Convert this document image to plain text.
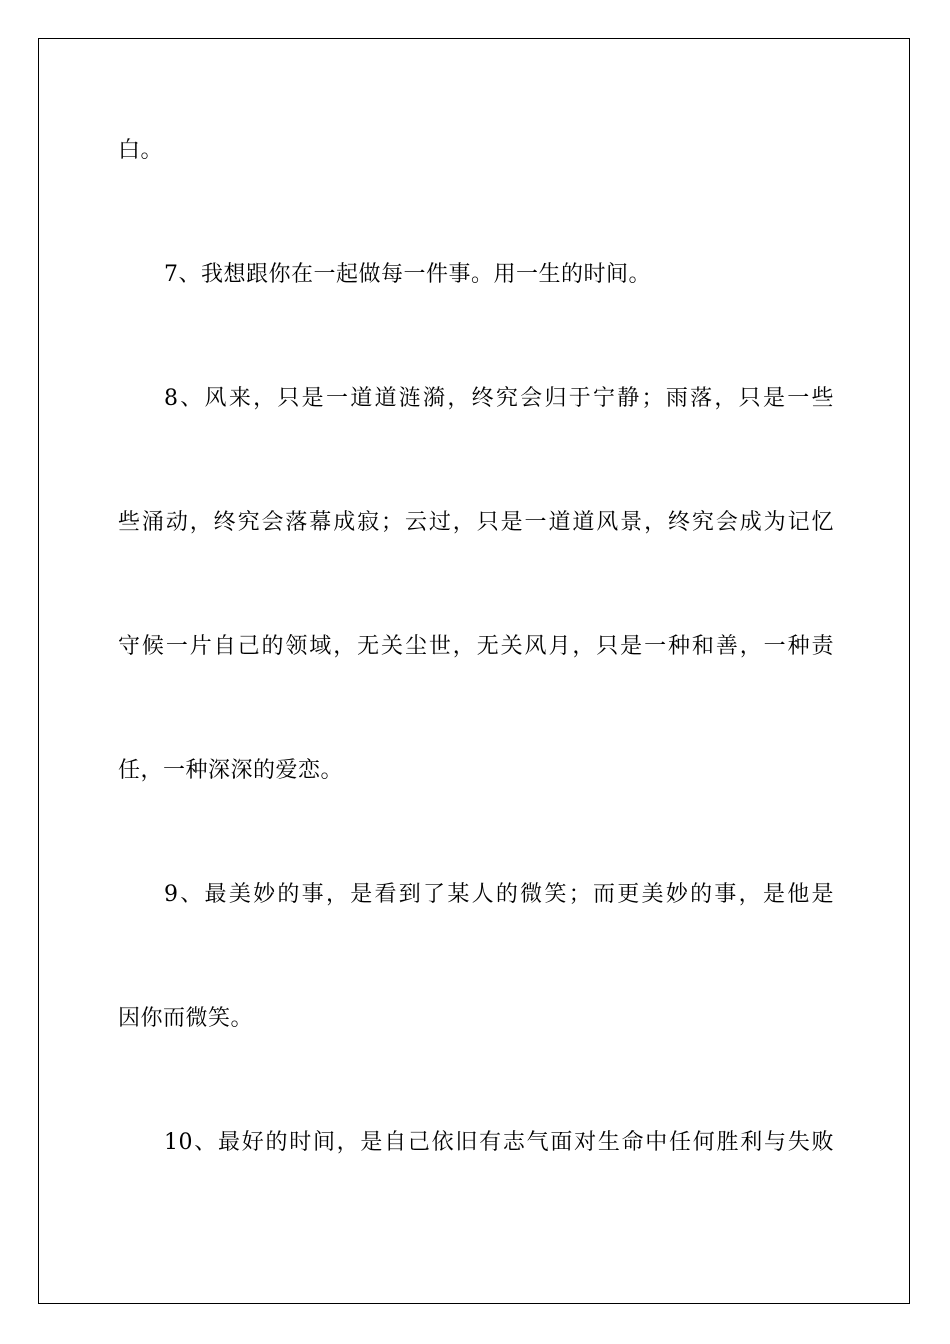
白。
7、我想跟你在一起做每一件事。用一生的时间。
8、风来，只是一道道涟漪，终究会归于宁静；雨落，只是一些
些涌动，终究会落幕成寂；云过，只是一道道风景，终究会成为记忆
守候一片自己的领域，无关尘世，无关风月，只是一种和善，一种责
任，一种深深的爱恋。
9、最美妙的事，是看到了某人的微笑；而更美妙的事，是他是
因你而微笑。
10、最好的时间，是自己依旧有志气面对生命中任何胜利与失败
